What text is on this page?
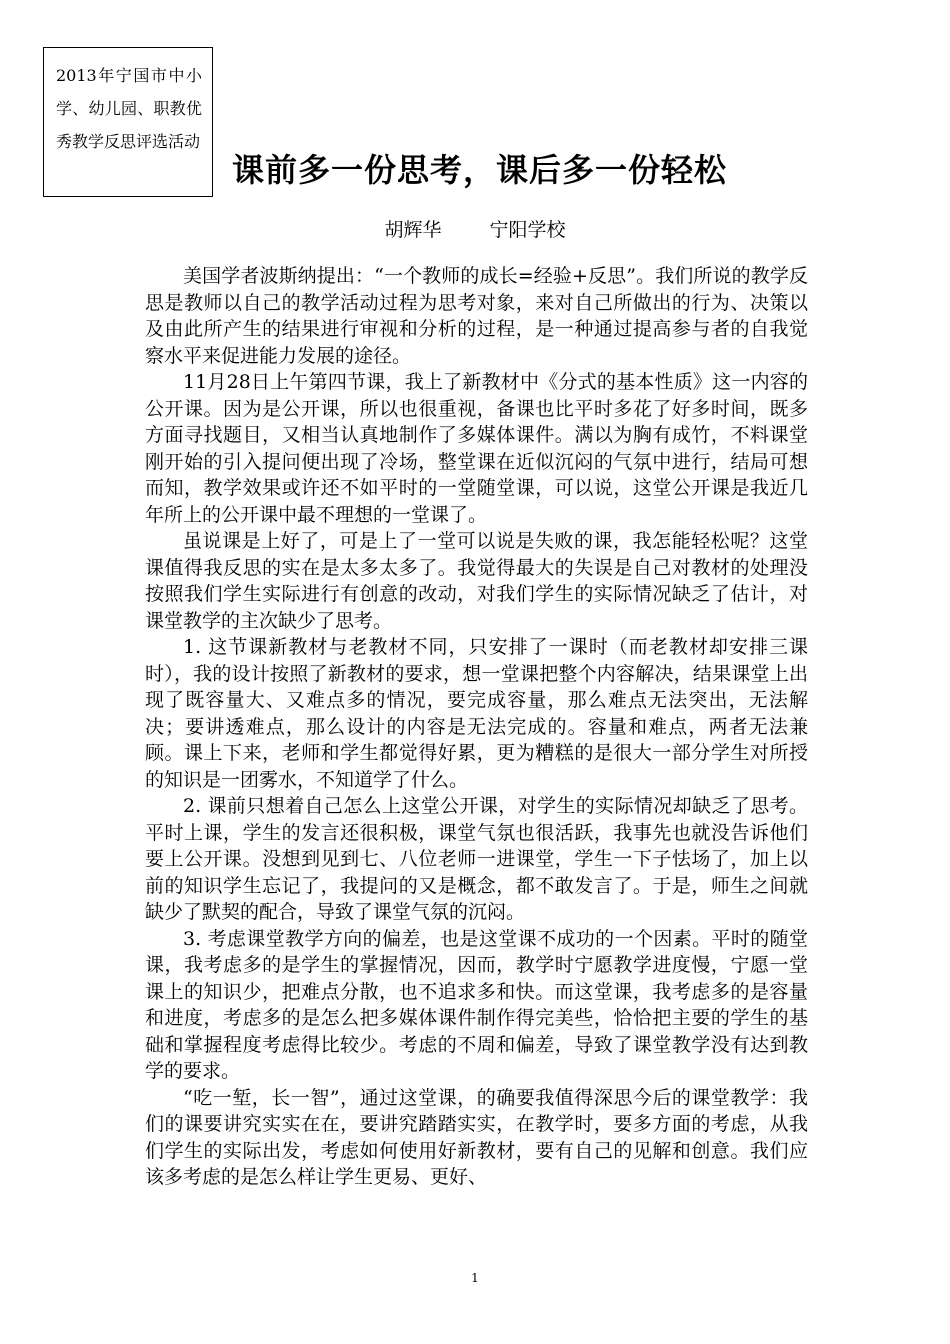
2013年宁国市中小学、幼儿园、职教优秀教学反思评选活动
课前多一份思考，课后多一份轻松
胡辉华	宁阳学校

美国学者波斯纳提出：“一个教师的成长=经验+反思”。我们所说的教学反思是教师以自己的教学活动过程为思考对象，来对自己所做出的行为、决策以及由此所产生的结果进行审视和分析的过程，是一种通过提高参与者的自我觉察水平来促进能力发展的途径。

11月28日上午第四节课，我上了新教材中《分式的基本性质》这一内容的公开课。因为是公开课，所以也很重视，备课也比平时多花了好多时间，既多方面寻找题目，又相当认真地制作了多媒体课件。满以为胸有成竹，不料课堂刚开始的引入提问便出现了冷场，整堂课在近似沉闷的气氛中进行，结局可想而知，教学效果或许还不如平时的一堂随堂课，可以说，这堂公开课是我近几年所上的公开课中最不理想的一堂课了。

虽说课是上好了，可是上了一堂可以说是失败的课，我怎能轻松呢？这堂课值得我反思的实在是太多太多了。我觉得最大的失误是自己对教材的处理没按照我们学生实际进行有创意的改动，对我们学生的实际情况缺乏了估计，对课堂教学的主次缺少了思考。

1. 这节课新教材与老教材不同，只安排了一课时（而老教材却安排三课时），我的设计按照了新教材的要求，想一堂课把整个内容解决，结果课堂上出现了既容量大、又难点多的情况，要完成容量，那么难点无法突出，无法解决；要讲透难点，那么设计的内容是无法完成的。容量和难点，两者无法兼顾。课上下来，老师和学生都觉得好累，更为糟糕的是很大一部分学生对所授的知识是一团雾水，不知道学了什么。

2. 课前只想着自己怎么上这堂公开课，对学生的实际情况却缺乏了思考。平时上课，学生的发言还很积极，课堂气氛也很活跃，我事先也就没告诉他们要上公开课。没想到见到七、八位老师一进课堂，学生一下子怯场了，加上以前的知识学生忘记了，我提问的又是概念，都不敢发言了。于是，师生之间就缺少了默契的配合，导致了课堂气氛的沉闷。

3. 考虑课堂教学方向的偏差，也是这堂课不成功的一个因素。平时的随堂课，我考虑多的是学生的掌握情况，因而，教学时宁愿教学进度慢，宁愿一堂课上的知识少，把难点分散，也不追求多和快。而这堂课，我考虑多的是容量和进度，考虑多的是怎么把多媒体课件制作得完美些，恰恰把主要的学生的基础和掌握程度考虑得比较少。考虑的不周和偏差，导致了课堂教学没有达到教学的要求。

“吃一堑，长一智”，通过这堂课，的确要我值得深思今后的课堂教学：我们的课要讲究实实在在，要讲究踏踏实实，在教学时，要多方面的考虑，从我们学生的实际出发，考虑如何使用好新教材，要有自己的见解和创意。我们应该多考虑的是怎么样让学生更易、更好、

1
